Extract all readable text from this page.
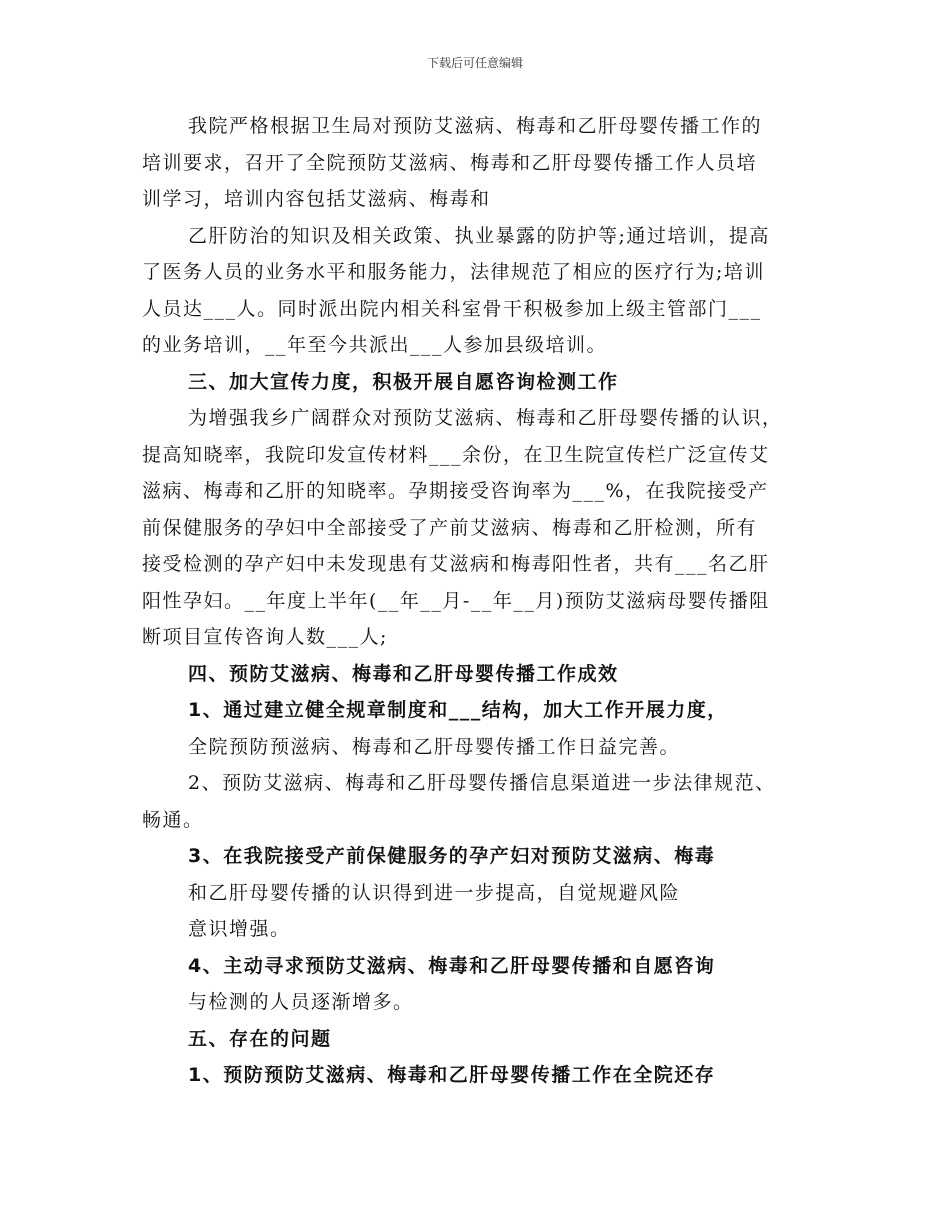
下载后可任意编辑
我院严格根据卫生局对预防艾滋病、梅毒和乙肝母婴传播工作的
培训要求，召开了全院预防艾滋病、梅毒和乙肝母婴传播工作人员培
训学习，培训内容包括艾滋病、梅毒和
乙肝防治的知识及相关政策、执业暴露的防护等;通过培训，提高
了医务人员的业务水平和服务能力，法律规范了相应的医疗行为;培训
人员达___人。同时派出院内相关科室骨干积极参加上级主管部门___
的业务培训，__年至今共派出___人参加县级培训。
三、加大宣传力度，积极开展自愿咨询检测工作
为增强我乡广阔群众对预防艾滋病、梅毒和乙肝母婴传播的认识，
提高知晓率，我院印发宣传材料___余份，在卫生院宣传栏广泛宣传艾
滋病、梅毒和乙肝的知晓率。孕期接受咨询率为___%，在我院接受产
前保健服务的孕妇中全部接受了产前艾滋病、梅毒和乙肝检测，所有
接受检测的孕产妇中未发现患有艾滋病和梅毒阳性者，共有___名乙肝
阳性孕妇。__年度上半年(__年__月-__年__月)预防艾滋病母婴传播阻
断项目宣传咨询人数___人;
四、预防艾滋病、梅毒和乙肝母婴传播工作成效
1、通过建立健全规章制度和___结构，加大工作开展力度，
全院预防预滋病、梅毒和乙肝母婴传播工作日益完善。
2、预防艾滋病、梅毒和乙肝母婴传播信息渠道进一步法律规范、
畅通。
3、在我院接受产前保健服务的孕产妇对预防艾滋病、梅毒
和乙肝母婴传播的认识得到进一步提高，自觉规避风险
意识增强。
4、主动寻求预防艾滋病、梅毒和乙肝母婴传播和自愿咨询
与检测的人员逐渐增多。
五、存在的问题
1、预防预防艾滋病、梅毒和乙肝母婴传播工作在全院还存
